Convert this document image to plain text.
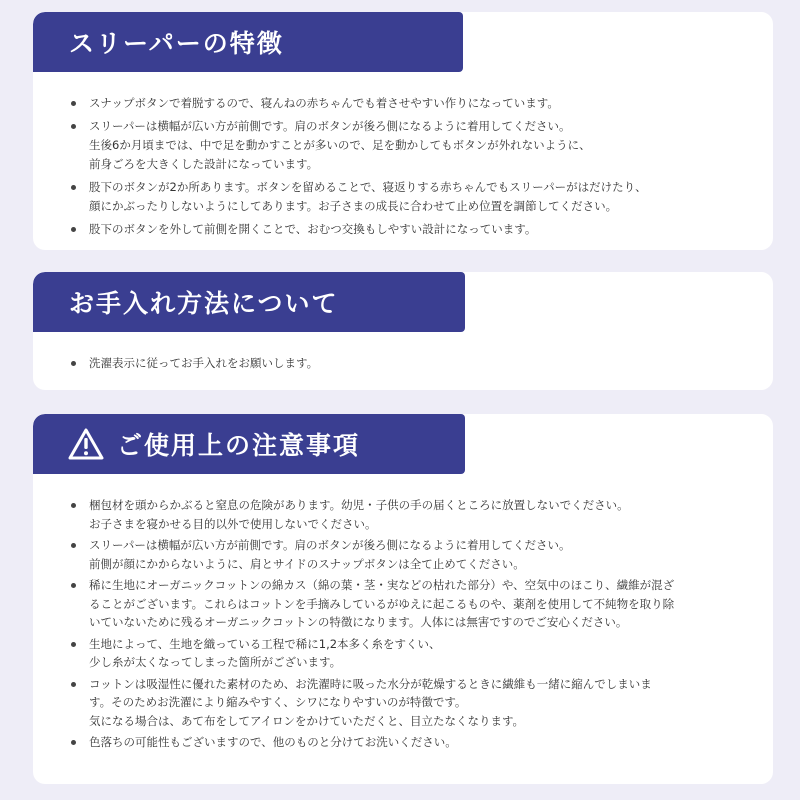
スリーパーの特徴
スナップボタンで着脱するので、寝んねの赤ちゃんでも着させやすい作りになっています。
スリーパーは横幅が広い方が前側です。肩のボタンが後ろ側になるように着用してください。
生後6か月頃までは、中で足を動かすことが多いので、足を動かしてもボタンが外れないように、
前身ごろを大きくした設計になっています。
股下のボタンが2か所あります。ボタンを留めることで、寝返りする赤ちゃんでもスリーパーがはだけたり、
顔にかぶったりしないようにしてあります。お子さまの成長に合わせて止め位置を調節してください。
股下のボタンを外して前側を開くことで、おむつ交換もしやすい設計になっています。
お手入れ方法について
洗濯表示に従ってお手入れをお願いします。
ご使用上の注意事項
梱包材を頭からかぶると窒息の危険があります。幼児・子供の手の届くところに放置しないでください。
お子さまを寝かせる目的以外で使用しないでください。
スリーパーは横幅が広い方が前側です。肩のボタンが後ろ側になるように着用してください。
前側が顔にかからないように、肩とサイドのスナップボタンは全て止めてください。
稀に生地にオーガニックコットンの綿カス（綿の葉・茎・実などの枯れた部分）や、空気中のほこり、繊維が混ざ
ることがございます。これらはコットンを手摘みしているがゆえに起こるものや、薬剤を使用して不純物を取り除
いていないために残るオーガニックコットンの特徴になります。人体には無害ですのでご安心ください。
生地によって、生地を織っている工程で稀に1,2本多く糸をすくい、
少し糸が太くなってしまった箇所がございます。
コットンは吸湿性に優れた素材のため、お洗濯時に吸った水分が乾燥するときに繊維も一緒に縮んでしまいま
す。そのためお洗濯により縮みやすく、シワになりやすいのが特徴です。
気になる場合は、あて布をしてアイロンをかけていただくと、目立たなくなります。
色落ちの可能性もございますので、他のものと分けてお洗いください。
